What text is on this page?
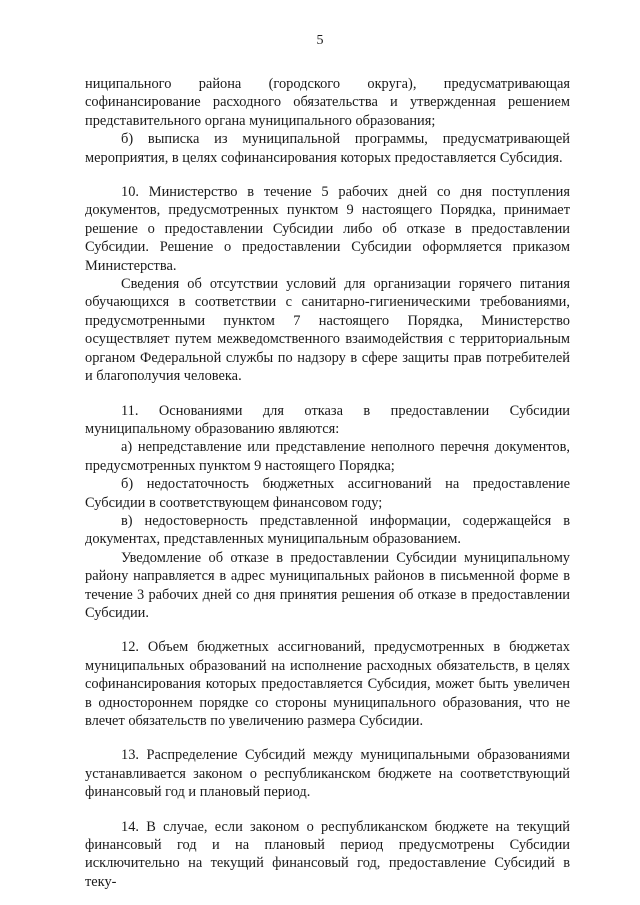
5

ниципального района (городского округа), предусматривающая софинансирование расходного обязательства и утвержденная решением представительного органа муниципального образования;

б) выписка из муниципальной программы, предусматривающей мероприятия, в целях софинансирования которых предоставляется Субсидия.

10. Министерство в течение 5 рабочих дней со дня поступления документов, предусмотренных пунктом 9 настоящего Порядка, принимает решение о предоставлении Субсидии либо об отказе в предоставлении Субсидии. Решение о предоставлении Субсидии оформляется приказом Министерства.

Сведения об отсутствии условий для организации горячего питания обучающихся в соответствии с санитарно-гигиеническими требованиями, предусмотренными пунктом 7 настоящего Порядка, Министерство осуществляет путем межведомственного взаимодействия с территориальным органом Федеральной службы по надзору в сфере защиты прав потребителей и благополучия человека.

11. Основаниями для отказа в предоставлении Субсидии муниципальному образованию являются:

а) непредставление или представление неполного перечня документов, предусмотренных пунктом 9 настоящего Порядка;

б) недостаточность бюджетных ассигнований на предоставление Субсидии в соответствующем финансовом году;

в) недостоверность представленной информации, содержащейся в документах, представленных муниципальным образованием.

Уведомление об отказе в предоставлении Субсидии муниципальному району направляется в адрес муниципальных районов в письменной форме в течение 3 рабочих дней со дня принятия решения об отказе в предоставлении Субсидии.

12. Объем бюджетных ассигнований, предусмотренных в бюджетах муниципальных образований на исполнение расходных обязательств, в целях софинансирования которых предоставляется Субсидия, может быть увеличен в одностороннем порядке со стороны муниципального образования, что не влечет обязательств по увеличению размера Субсидии.

13. Распределение Субсидий между муниципальными образованиями устанавливается законом о республиканском бюджете на соответствующий финансовый год и плановый период.

14. В случае, если законом о республиканском бюджете на текущий финансовый год и на плановый период предусмотрены Субсидии исключительно на текущий финансовый год, предоставление Субсидий в теку-
